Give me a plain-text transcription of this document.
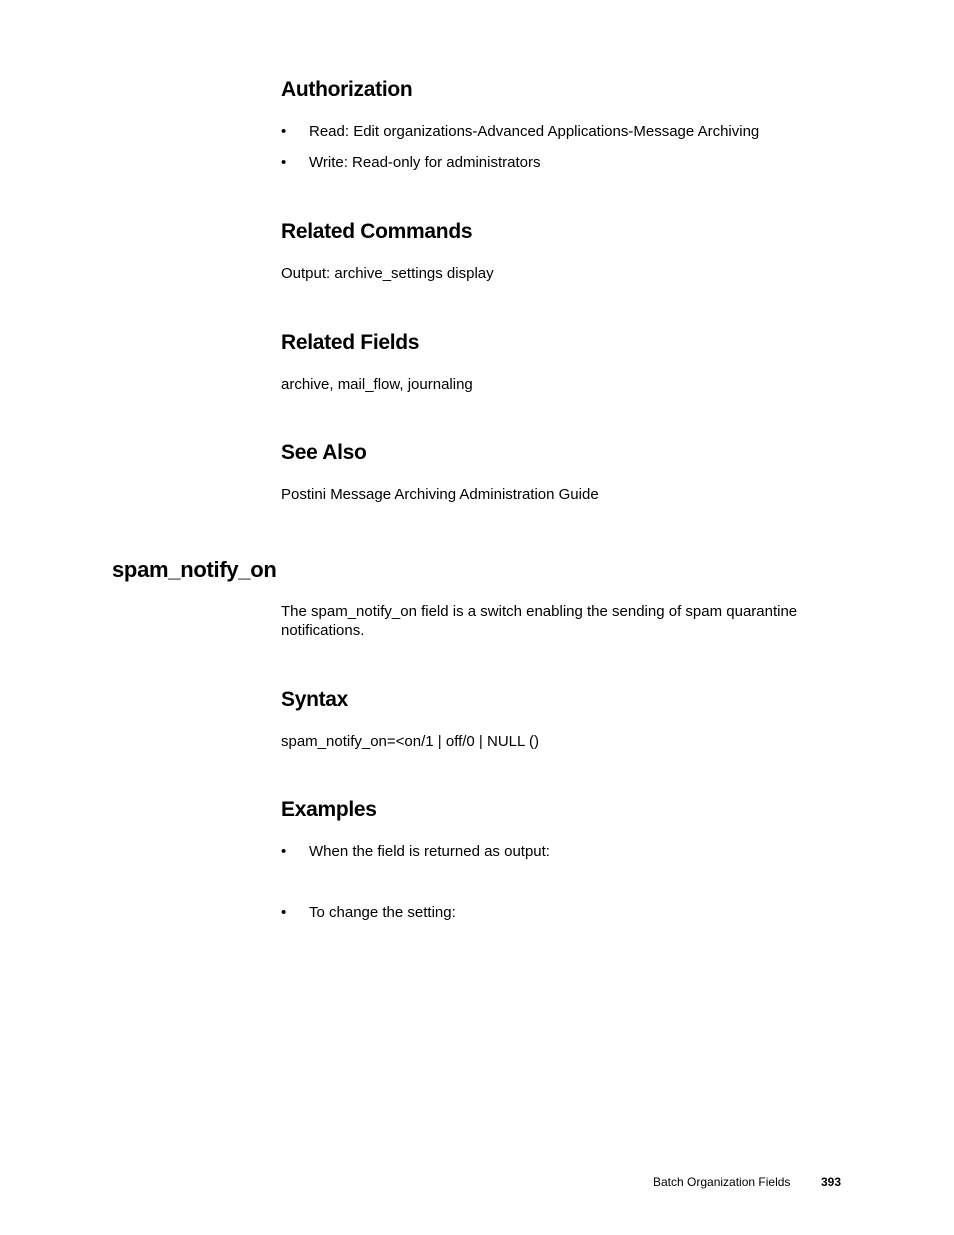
Authorization
• Read: Edit organizations-Advanced Applications-Message Archiving
• Write: Read-only for administrators
Related Commands

Output: archive_settings display

Related Fields

archive, mail_flow, journaling

See Also

Postini Message Archiving Administration Guide

spam_notify_on

The spam_notify_on field is a switch enabling the sending of spam quarantine notifications.

Syntax

spam_notify_on=<on/1 | off/0 | NULL ()

Examples
• When the field is returned as output:
• To change the setting:
Batch Organization Fields	393
